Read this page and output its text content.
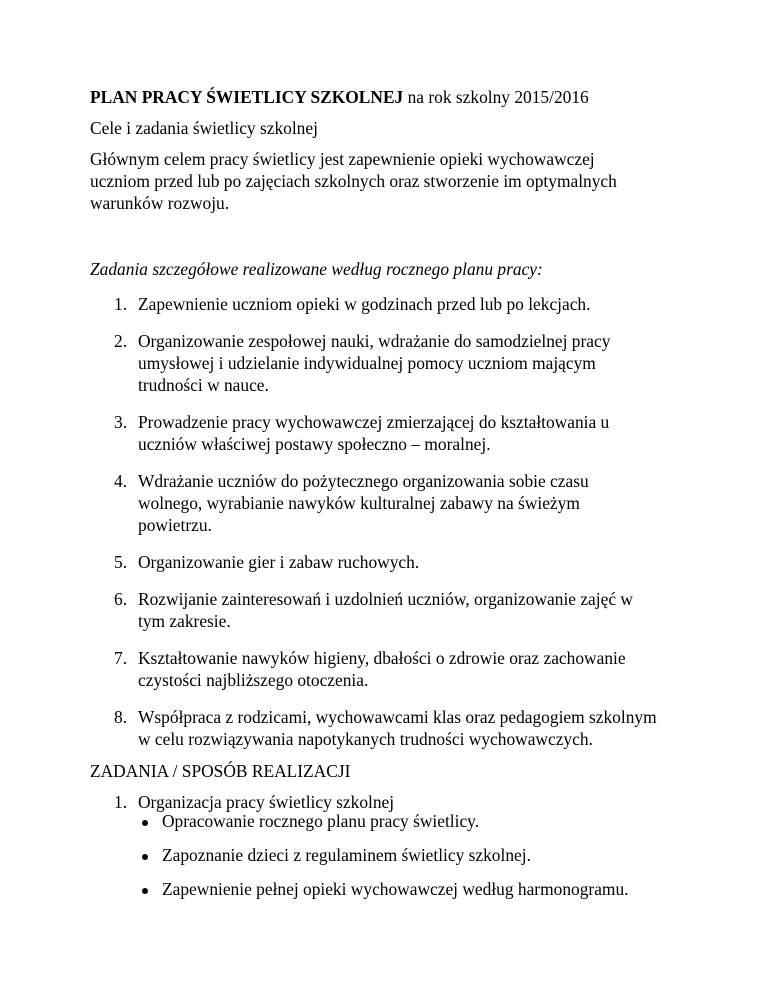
PLAN PRACY ŚWIETLICY SZKOLNEJ na rok szkolny 2015/2016
Cele i zadania świetlicy szkolnej
Głównym celem pracy świetlicy jest zapewnienie opieki wychowawczej
uczniom przed lub po zajęciach szkolnych oraz stworzenie im optymalnych
warunków rozwoju.
Zadania szczegółowe realizowane według rocznego planu pracy:
1. Zapewnienie uczniom opieki w godzinach przed lub po lekcjach.
2. Organizowanie zespołowej nauki, wdrażanie do samodzielnej pracy
umysłowej i udzielanie indywidualnej pomocy uczniom mającym
trudności w nauce.
3. Prowadzenie pracy wychowawczej zmierzającej do kształtowania u
uczniów właściwej postawy społeczno – moralnej.
4. Wdrażanie uczniów do pożytecznego organizowania sobie czasu
wolnego, wyrabianie nawyków kulturalnej zabawy na świeżym
powietrzu.
5. Organizowanie gier i zabaw ruchowych.
6. Rozwijanie zainteresowań i uzdolnień uczniów, organizowanie zajęć w
tym zakresie.
7. Kształtowanie nawyków higieny, dbałości o zdrowie oraz zachowanie
czystości najbliższego otoczenia.
8. Współpraca z rodzicami, wychowawcami klas oraz pedagogiem szkolnym
w celu rozwiązywania napotykanych trudności wychowawczych.
ZADANIA / SPOSÓB REALIZACJI
1. Organizacja pracy świetlicy szkolnej
Opracowanie rocznego planu pracy świetlicy.
Zapoznanie dzieci z regulaminem świetlicy szkolnej.
Zapewnienie pełnej opieki wychowawczej według harmonogramu.
